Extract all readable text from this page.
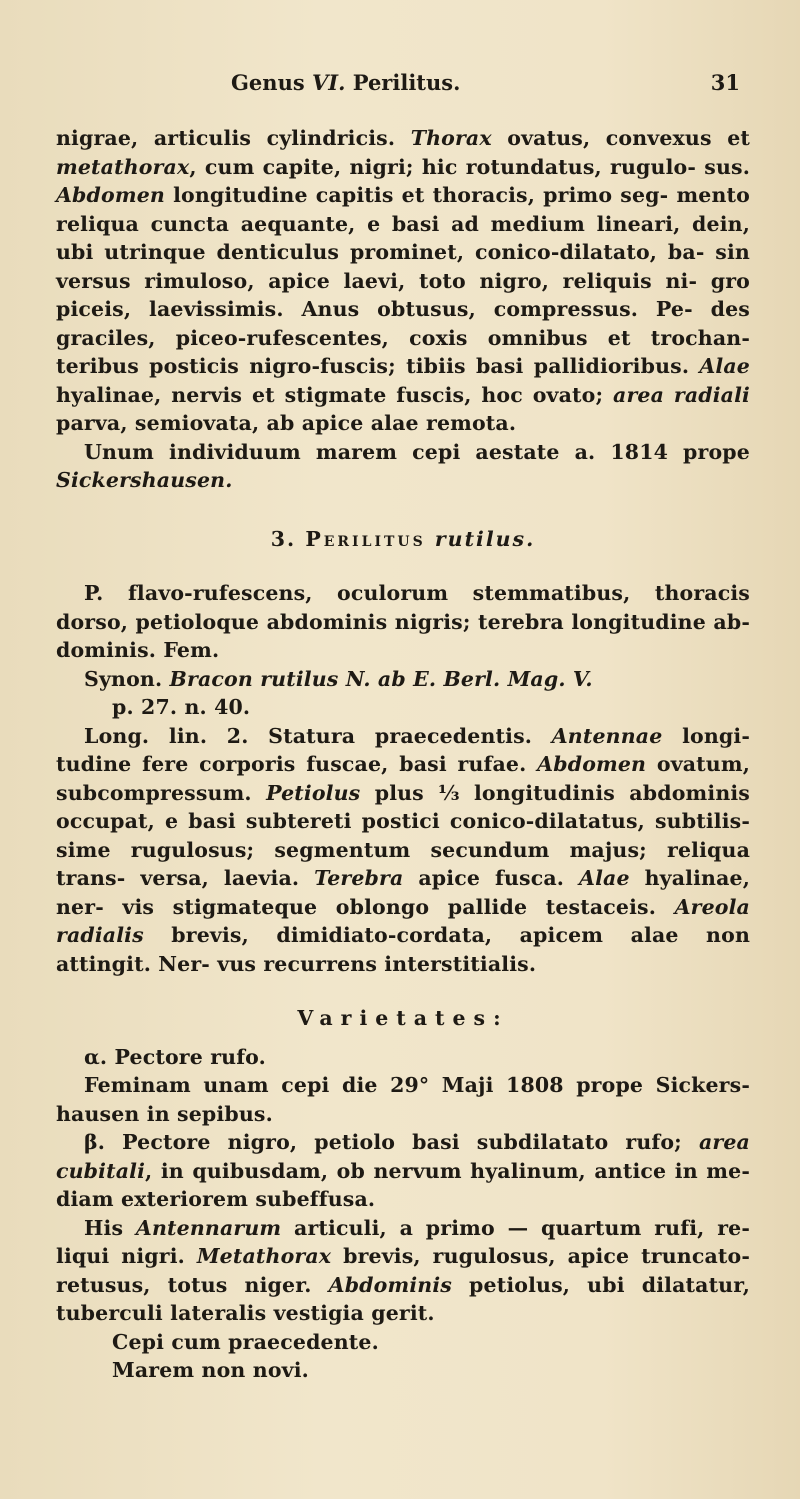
Genus VI. Perilitus.	31

nigrae, articulis cylindricis. Thorax ovatus, convexus et metathorax, cum capite, nigri; hic rotundatus, rugulo- sus. Abdomen longitudine capitis et thoracis, primo seg- mento reliqua cuncta aequante, e basi ad medium lineari, dein, ubi utrinque denticulus prominet, conico-dilatato, ba- sin versus rimuloso, apice laevi, toto nigro, reliquis ni- gro piceis, laevissimis. Anus obtusus, compressus. Pe- des graciles, piceo-rufescentes, coxis omnibus et trochan- teribus posticis nigro-fuscis; tibiis basi pallidioribus. Alae hyalinae, nervis et stigmate fuscis, hoc ovato; area radiali parva, semiovata, ab apice alae remota.

Unum individuum marem cepi aestate a. 1814 prope Sickershausen.

3. Perilitus rutilus.

P. flavo-rufescens, oculorum stemmatibus, thoracis dorso, petioloque abdominis nigris; terebra longitudine ab- dominis. Fem.

Synon. Bracon rutilus N. ab E. Berl. Mag. V.
p. 27. n. 40.

Long. lin. 2. Statura praecedentis. Antennae longi- tudine fere corporis fuscae, basi rufae. Abdomen ovatum, subcompressum. Petiolus plus ⅓ longitudinis abdominis occupat, e basi subtereti postici conico-dilatatus, subtilis- sime rugulosus; segmentum secundum majus; reliqua trans- versa, laevia. Terebra apice fusca. Alae hyalinae, ner- vis stigmateque oblongo pallide testaceis. Areola radialis brevis, dimidiato-cordata, apicem alae non attingit. Ner- vus recurrens interstitialis.

Varietates:

α. Pectore rufo.

Feminam unam cepi die 29° Maji 1808 prope Sickers- hausen in sepibus.

β. Pectore nigro, petiolo basi subdilatato rufo; area cubitali, in quibusdam, ob nervum hyalinum, antice in me- diam exteriorem subeffusa.

His Antennarum articuli, a primo — quartum rufi, re- liqui nigri. Metathorax brevis, rugulosus, apice truncato- retusus, totus niger. Abdominis petiolus, ubi dilatatur, tuberculi lateralis vestigia gerit.

Cepi cum praecedente.

Marem non novi.
